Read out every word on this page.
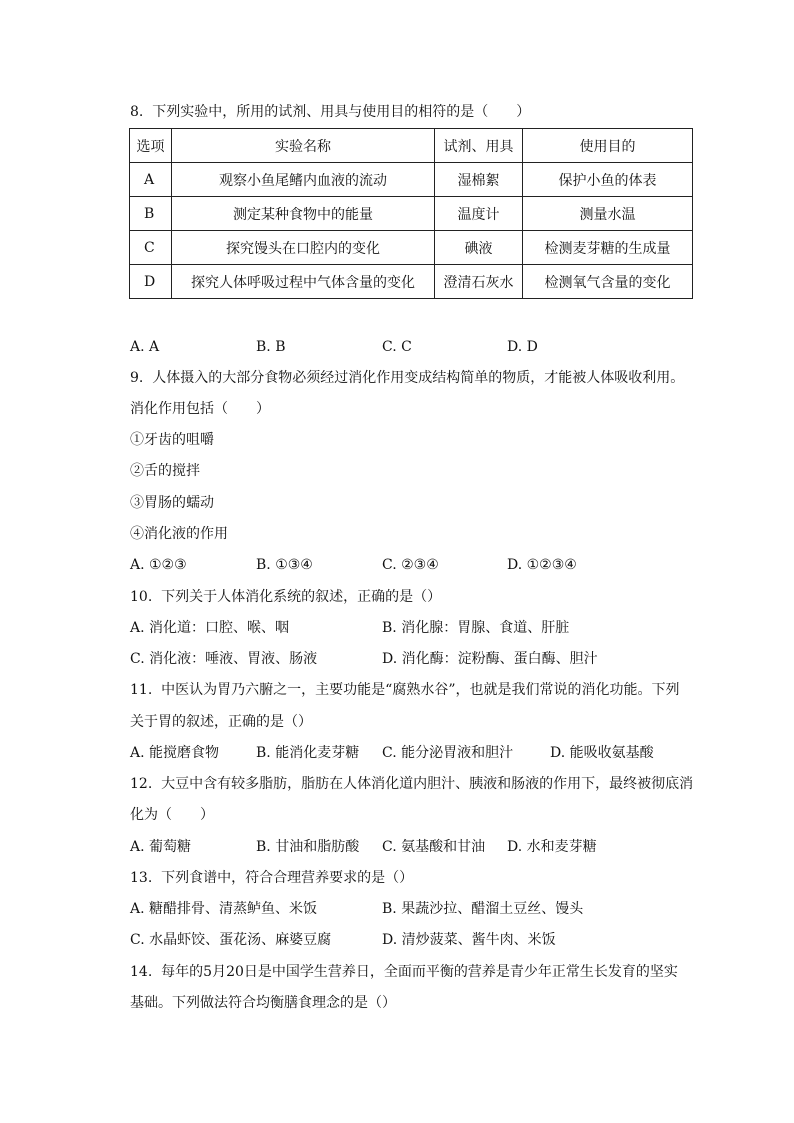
8.  下列实验中，所用的试剂、用具与使用目的相符的是（　　）
选项	实验名称	试剂、用具	使用目的
A	观察小鱼尾鳍内血液的流动	湿棉絮	保护小鱼的体表
B	测定某种食物中的能量	温度计	测量水温
C	探究馒头在口腔内的变化	碘液	检测麦芽糖的生成量
D	探究人体呼吸过程中气体含量的变化	澄清石灰水	检测氧气含量的变化
A. A	B. B	C. C	D. D
9.  人体摄入的大部分食物必须经过消化作用变成结构简单的物质，才能被人体吸收利用。
消化作用包括（　　）
①牙齿的咀嚼
②舌的搅拌
③胃肠的蠕动
④消化液的作用
A. ①②③	B. ①③④	C. ②③④	D. ①②③④
10.  下列关于人体消化系统的叙述，正确的是（）
A. 消化道：口腔、喉、咽	B. 消化腺：胃腺、食道、肝脏
C. 消化液：唾液、胃液、肠液	D. 消化酶：淀粉酶、蛋白酶、胆汁
11.  中医认为胃乃六腑之一，主要功能是“腐熟水谷”，也就是我们常说的消化功能。下列
关于胃的叙述，正确的是（）
A. 能搅磨食物	B. 能消化麦芽糖 C. 能分泌胃液和胆汁	D. 能吸收氨基酸
12.  大豆中含有较多脂肪，脂肪在人体消化道内胆汁、胰液和肠液的作用下，最终被彻底消
化为（　　）
A. 葡萄糖	B. 甘油和脂肪酸 C. 氨基酸和甘油 D. 水和麦芽糖
13.  下列食谱中，符合合理营养要求的是（）
A. 糖醋排骨、清蒸鲈鱼、米饭	B. 果蔬沙拉、醋溜土豆丝、馒头
C. 水晶虾饺、蛋花汤、麻婆豆腐	D. 清炒菠菜、酱牛肉、米饭
14.  每年的5月20日是中国学生营养日，全面而平衡的营养是青少年正常生长发育的坚实
基础。下列做法符合均衡膳食理念的是（）
